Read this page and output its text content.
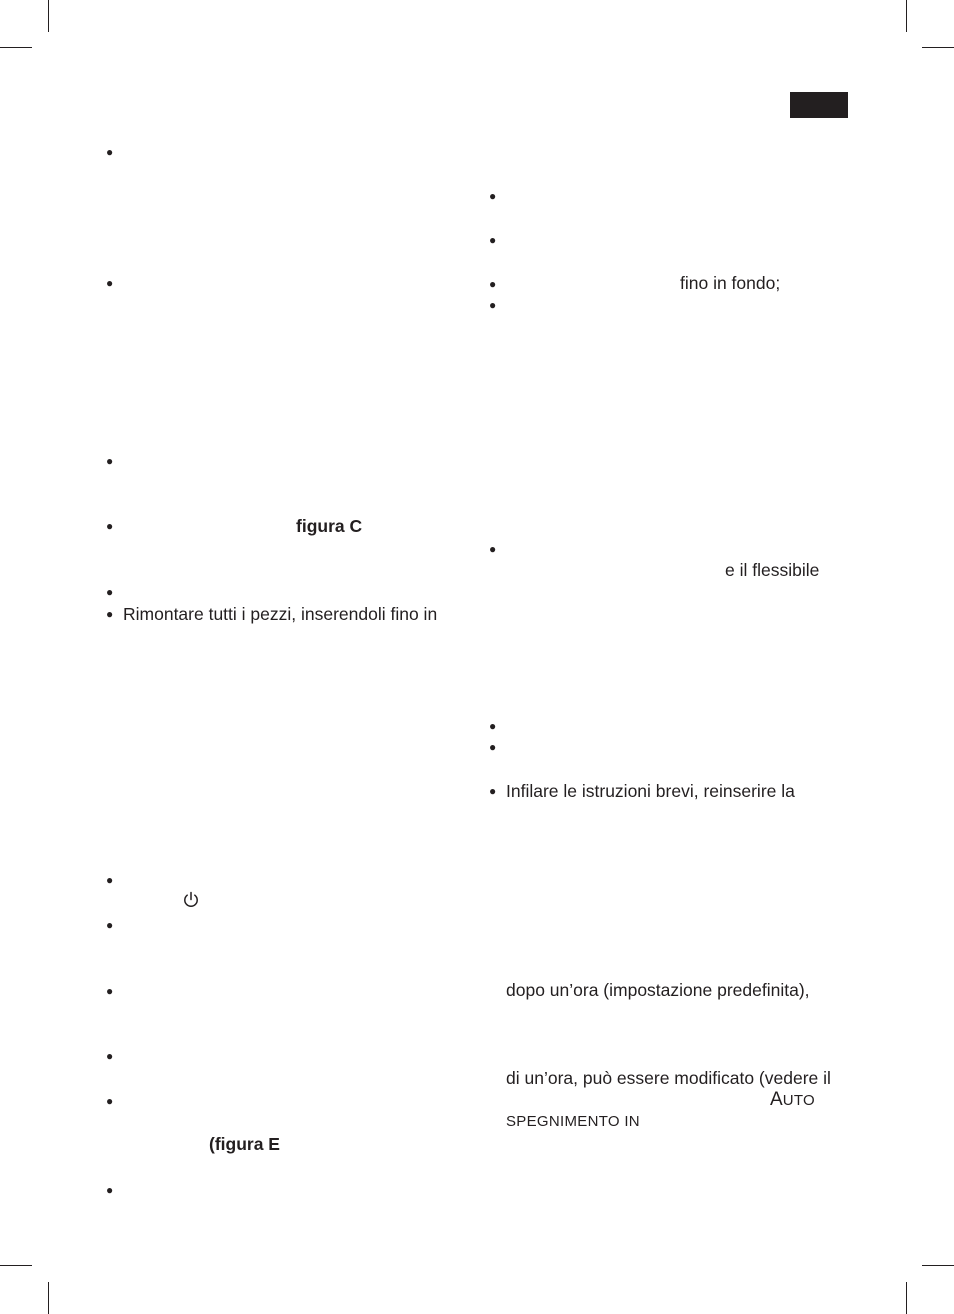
●
●
●
●	figura C
●
● Rimontare tutti i pezzi, inserendoli fino in
●
●
●
●
●
(figura E
●
●
●
●	fino in fondo;
●
●
e il flessibile
●
●
● Infilare le istruzioni brevi, reinserire la
dopo un’ora (impostazione predefinita),
di un’ora, può essere modificato (vedere il
AUTO
SPEGNIMENTO IN
